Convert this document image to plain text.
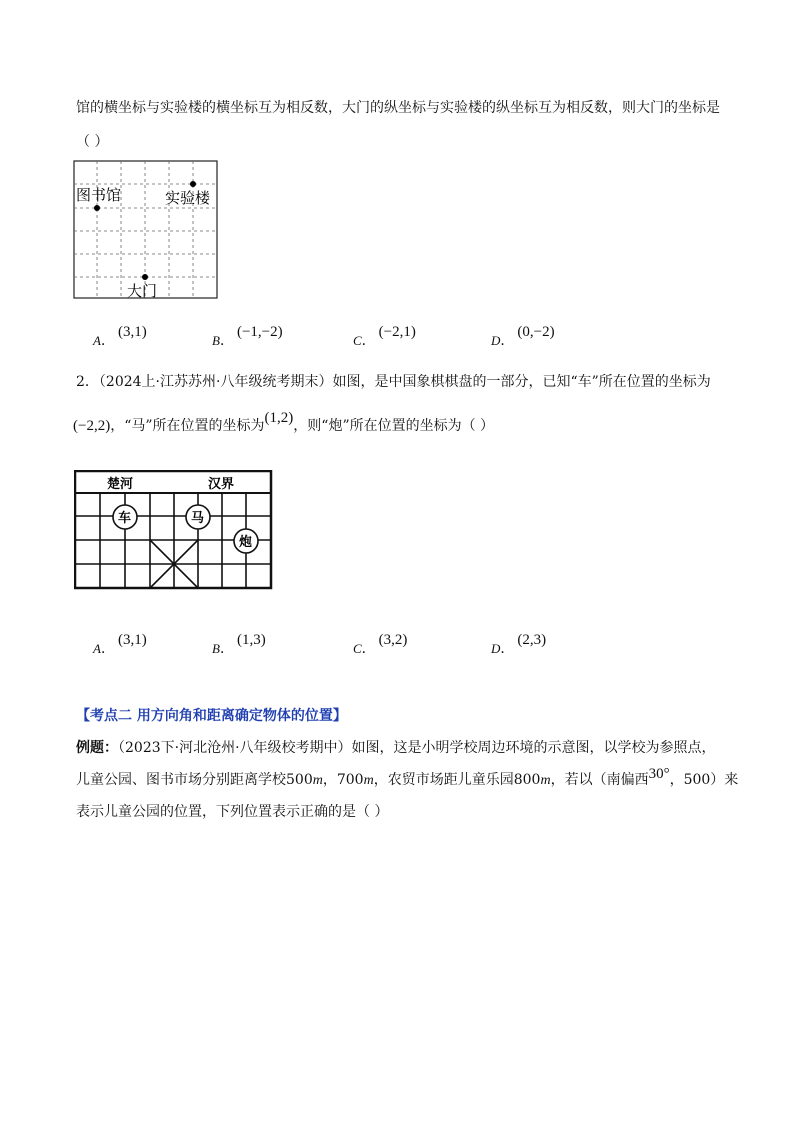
馆的横坐标与实验楼的横坐标互为相反数，大门的纵坐标与实验楼的纵坐标互为相反数，则大门的坐标是
（ ）
图书馆	实验楼
大门
A．(3,1)
B．(−1,−2)
C．(−2,1)
D．(0,−2)
2．（2024上·江苏苏州·八年级统考期末）如图，是中国象棋棋盘的一部分，已知“车”所在位置的坐标为
(−2,2)，“马”所在位置的坐标为(1,2)，则“炮”所在位置的坐标为（ ）
楚河	汉界
车	马
炮
A．(3,1)
B．(1,3)
C．(3,2)
D．(2,3)
【考点二 用方向角和距离确定物体的位置】
例题：（2023下·河北沧州·八年级校考期中）如图，这是小明学校周边环境的示意图，以学校为参照点，
儿童公园、图书市场分别距离学校500m，700m，农贸市场距儿童乐园800m，若以（南偏西30°，500）来
表示儿童公园的位置，下列位置表示正确的是（ ）
